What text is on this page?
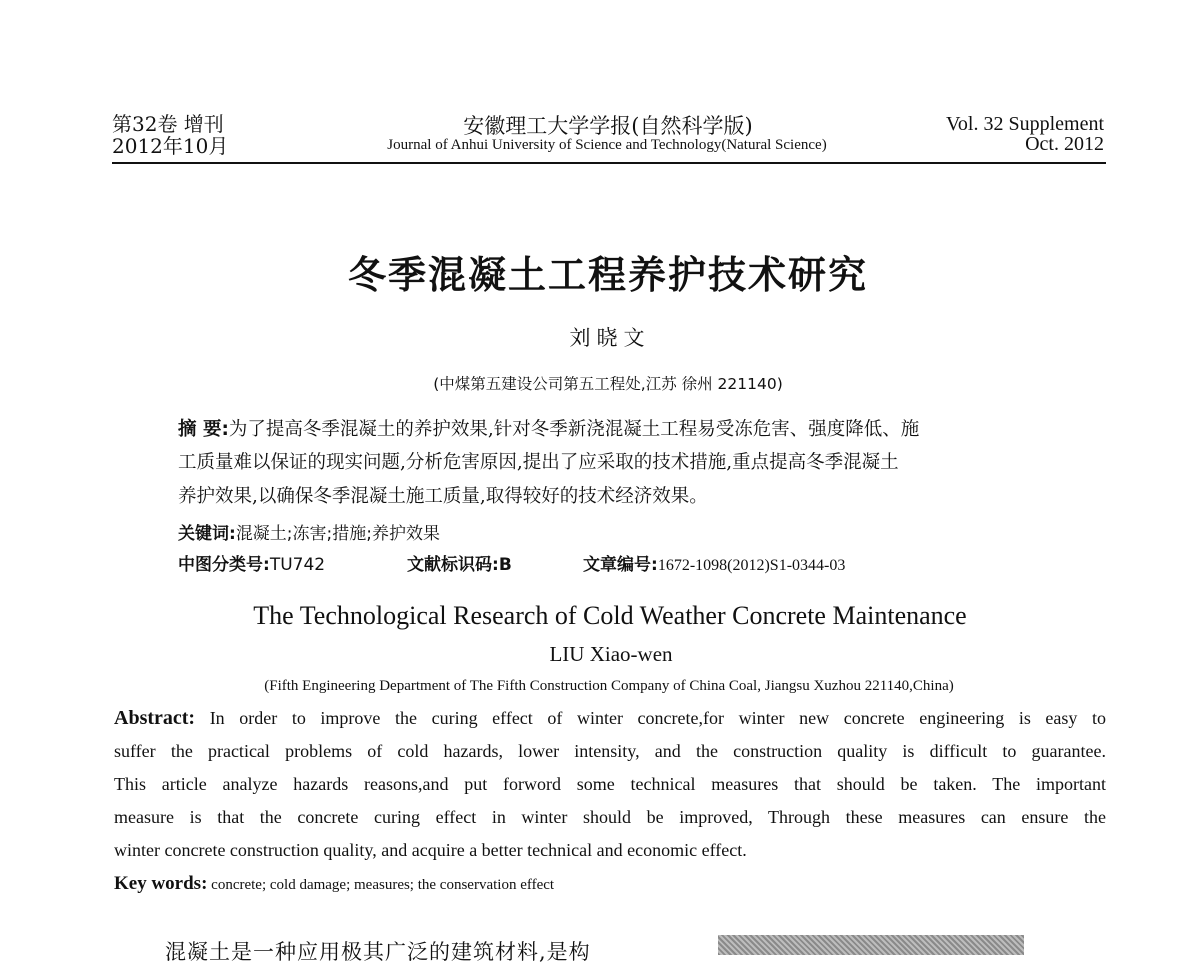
第32卷 增刊
2012年10月
安徽理工大学学报(自然科学版)
Journal of Anhui University of Science and Technology(Natural Science)
Vol. 32 Supplement
Oct. 2012
冬季混凝土工程养护技术研究
刘晓文
(中煤第五建设公司第五工程处,江苏 徐州 221140)
摘 要:为了提高冬季混凝土的养护效果,针对冬季新浇混凝土工程易受冻危害、强度降低、施
工质量难以保证的现实问题,分析危害原因,提出了应采取的技术措施,重点提高冬季混凝土
养护效果,以确保冬季混凝土施工质量,取得较好的技术经济效果。
关键词:混凝土;冻害;措施;养护效果
中图分类号:TU742	文献标识码:B	文章编号:1672-1098(2012)S1-0344-03
The Technological Research of Cold Weather Concrete Maintenance
LIU Xiao-wen
(Fifth Engineering Department of The Fifth Construction Company of China Coal, Jiangsu Xuzhou 221140,China)
Abstract: In order to improve the curing effect of winter concrete,for winter new concrete engineering is easy to
suffer the practical problems of cold hazards, lower intensity, and the construction quality is difficult to guarantee.
This article analyze hazards reasons,and put forword some technical measures that should be taken. The important
measure is that the concrete curing effect in winter should be improved, Through these measures can ensure the
winter concrete construction quality, and acquire a better technical and economic effect.
Key words: concrete; cold damage; measures; the conservation effect
混凝土是一种应用极其广泛的建筑材料,是构
